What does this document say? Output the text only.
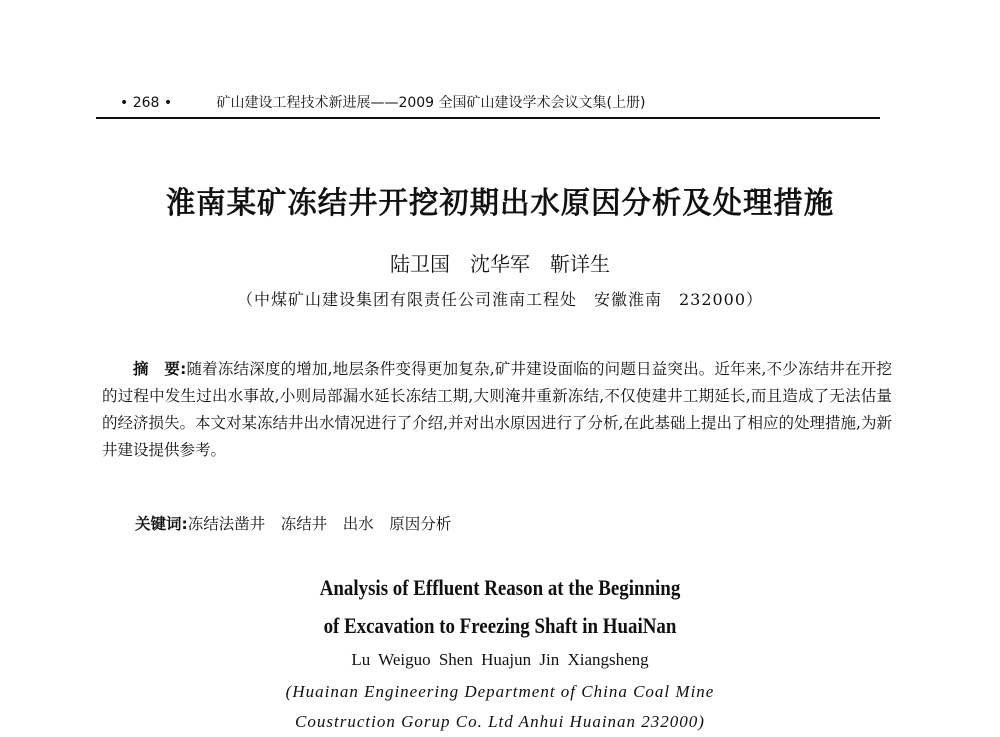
• 268 •	矿山建设工程技术新进展——2009 全国矿山建设学术会议文集(上册)
淮南某矿冻结井开挖初期出水原因分析及处理措施
陆卫国　沈华军　靳详生
（中煤矿山建设集团有限责任公司淮南工程处　安徽淮南　232000）

摘　要:随着冻结深度的增加,地层条件变得更加复杂,矿井建设面临的问题日益突出。近年来,不少冻结井在开挖的过程中发生过出水事故,小则局部漏水延长冻结工期,大则淹井重新冻结,不仅使建井工期延长,而且造成了无法估量的经济损失。本文对某冻结井出水情况进行了介绍,并对出水原因进行了分析,在此基础上提出了相应的处理措施,为新井建设提供参考。

关键词:冻结法凿井　冻结井　出水　原因分析
Analysis of Effluent Reason at the Beginning
of Excavation to Freezing Shaft in HuaiNan
Lu Weiguo Shen Huajun Jin Xiangsheng
(Huainan Engineering Department of China Coal Mine
Coustruction Gorup Co. Ltd Anhui Huainan 232000)
